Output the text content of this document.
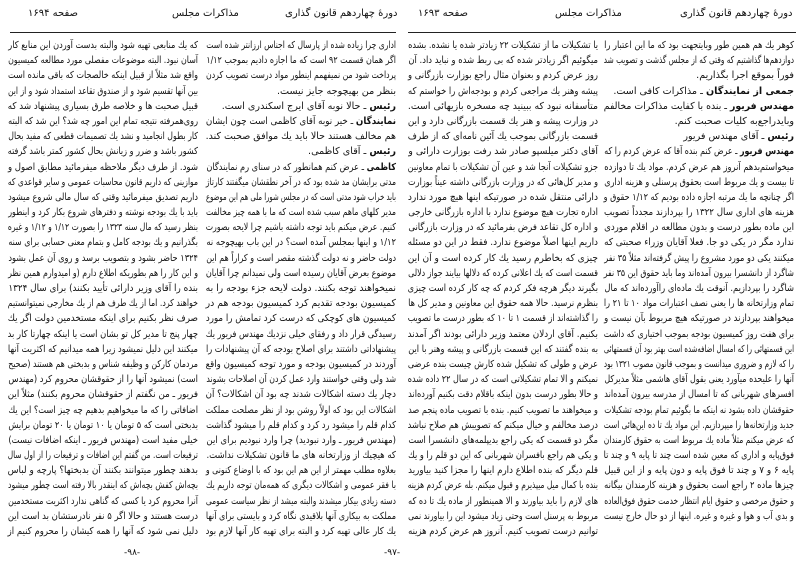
صفحه ۱۶۹۴	مذاکرات مجلس	دورهٔ چهاردهم قانون گذاری صفحه ۱۶۹۳	مذاکرات مجلس	دورهٔ چهاردهم قانون گذاری
که یك منابعی تهیه شود والبته بدست آوردن این منابع کار
آسان نبود. البته موضوعات مفصلی مورد مطالعه کمیسیون
واقع شد مثلاً از قبیل اینکه خالصجات که باقی مانده است
بین آنها تقسیم شود و از صندوق تقاعد استمداد شود و از این
قبیل صحبت ها و خلاصه طرق بسیاری پیشنهاد شد که
روی‌همرفته نتیجه تمام این امور چه شد؟ این شد که البته
کار بطول انجامید و نشد یك تصمیمات قطعی که مفید بحال
کشور باشد و ضرر و زیانش بحال کشور کمتر باشد گرفته
شود. از طرف دیگر ملاحظه میفرمائید مطابق اصول و
موازینی که داریم قانون محاسبات عمومی و سایر قواعدی که
داریم تصدیق میفرمائید وقتی که سال مالی شروع میشود
باید با یك بودجه نوشته و دفترهای شروع بکار کرد و اینطور
بنظر رسید که مال سنه ۱۳۲۳ را بصورت ۱/۱۲ و ۱/۱۲ و غیره
بگذرانیم و یك بودجه کامل و بتمام معنی حسابی برای سنه
۱۳۲۴ حاضر بشود و بتصویب برسد و روی آن عمل بشود
و این کار را هم بطوریکه اطلاع دارم (و امیدوارم همین نظر
بنده را آقای وزیر دارائی تأیید بکنند) برای سال ۱۳۲۴
خواهند کرد. اما از یك طرف هم از یك مخارجی نمیتوانستیم
صرف نظر بکنیم برای اینکه مستخدمین دولت اگر یك
چهار پنج تا مدیر کل تو بشان است یا اینکه چهارتا کار بد
میکنند این دلیل نمیشود زیرا همه میدانیم که اکثریت آنها
مردمان کارکن و وظیفه شناس و بدبختی هم هستند (صحیح
است) نمیشود آنها را از حقوقشان محروم کرد (مهندس
فریور ـ من نگفتم از حقوقشان محروم بکنند) مثلاً این
اضافاتی را که ما میخواهیم بدهیم چه چیز است؟ این یك
بدبختی است که ۵ تومان یا ۱۰ تومان یا ۲۰ تومان برایش
خیلی مفید است (مهندس فریور ـ اینکه اضافات نیست)
ترفیعات است. من گفتم این اضافات و ترفیعات را از اول سال
بدهند چطور میتوانند بکنند آن بدبختها؟ پارچه و لباس
بچه‌اش کفش بچه‌اش که اینقدر بالا رفته است چطور میشود
آنرا محروم کرد یا کسی که گناهی ندارد اکثریت مستخدمین
درست هستند و حالا اگر ۵ نفر نادرستشان بد است این
دلیل نمی شود که آنها را همه کیشان را محروم کنیم از
اداری چرا زیاده شده از پارسال که اجناس ارزانتر شده است
اگر همان قسمت ۹۲ است که ما اجازه دادیم بموجب ۱/۱۲
پرداخت شود من نمیفهمم اینطور مواد درست تصویب کردن
بنظر من بهیچوجه جایز نیست.
رئیس ـ حالا نوبه آقای ایرج اسکندری است.
نمایندگان ـ خیر نوبه آقای کاظمی است چون ایشان
هم مخالف هستند حالا باید یك موافق صحبت کند.
رئیس ـ آقای کاظمی.
کاظمی ـ عرض کنم همانطور که در سنای رم نمایندگان
مدتی برایشان مد شده بود که در آخر نطقشان میگفتند کارتاژ
باید خراب شود مدتی است که در مجلس شورا ملی هم این موضوع
مدیر کلهای ماهم سبب شده است که ما با همه چیز مخالفت
کنیم. عرض میکنم باید توجه داشته باشیم چرا لایحه بصورت
۱/۱۲ و اینها بمجلس آمده است؟ در این باب بهیچوجه نه
دولت حاضر و نه دولت گذشته مقصر است و کراراً هم این
موضوع بعرض آقایان رسیده است ولی نمیدانم چرا آقایان
نمیخواهند توجه بکنند. دولت لایحه جزء بودجه را به
کمیسیون بودجه تقدیم کرد کمیسیون بودجه هم در
کمیسیون های کوچکی که درست کرد تمامش را مورد
رسیدگی قرار داد و رفقای خیلی نزدیك مهندس فریور یك
پیشنهاداتی داشتند برای اصلاح بودجه که آن پیشنهادات را
آوردند در کمیسیون بودجه و مورد توجه کمیسیون واقع
شد ولی وقتی خواستند وارد عمل کردن آن اصلاحات بشوند
دچار یك دسته اشکالات شدند چه بود آن اشکالات؟ آن
اشکالات این بود که اولاً روشن بود از نظر مصلحت مملکت
کدام قلم را میشود رد کرد و کدام قلم را میشود گذاشت
(مهندس فریور ـ وارد نبودید) چرا وارد نبودیم برای این
که هیچیك از وزارتخانه های ما قانون تشکیلات نداشت.
بعلاوه مطلب مهمتر از این هم این بود که با اوضاع کنونی و
با فقر عمومی و اشکالات دیگری که همه‌مان توجه داریم یك
دسته زیادی بیکار میشدند والبته میشد از نظر سیاست عمومی
مملکت به بیکاری آنها بلاقیدی نگاه کرد و بایستی برای آنها
یك کار عالی تهیه کرد و البته برای تهیه کار آنها لازم بود
یا تشکیلات ما از تشکیلات ۲۲ زیادتر شده یا نشده. بشده
میگوئیم اگر زیادتر شده که بی ربط شده و نباید داد. آن
روز عرض کردم و بعنوان مثال راجع بوزارت بازرگانی و
پیشه وهنر یك مراجعی کردم و بودجه‌اش را خواستم که
متأسفانه نبود که ببینید چه مسخره بازیهائی است.
در وزارت پیشه و هنر یك قسمت بازرگانی دارد و این
قسمت بازرگانی بموجب یك آئین نامه‌ای که از طرف
آقای دکتر میلسپو صادر شد رفت بوزارت دارائی و
جزو تشکیلات آنجا شد و عین آن تشکیلات با تمام معاونین
و مدیر کل‌هائی که در وزارت بازرگانی داشته عیناً بوزارت
دارائی منتقل شده در صورتیکه اینها هیچ مورد ندارد
اداره تجارت هیچ موضوع ندارد با اداره بازرگانی خارجی
و اداره کل تقاعد فرض بفرمائید که در وزارت بازرگانی
داریم اینها اصلاً موضوع ندارد. فقط در این دو مسئله
چیزی که بخاطرم رسید یك کار کرده است و آن این
قسمت است که یك اعلانی کرده که دلالها بیایند جواز دلالی
بگیرند دیگر هرچه فکر کردم که چه کار کرده است چیزی
بنظرم نرسید. حالا همه حقوق این معاونین و مدیر کل ها
را گذاشته‌اند از قسمت ۱ تا ۱۰ که بطور درست ما تصویب
بکنیم. آقای اردلان معتمد وزیر دارائی بودند اگر آمدند
به بنده گفتند که این قسمت بازرگانی و پیشه وهنر با این
عرض و طولی که تشکیل شده کارش چیست بنده عرضی
نمیکنم و الا تمام تشکیلاتی است که در سال ۲۲ داده شده
و حالا بطور درست بدون اینکه باقلام دقت بکنیم آورده‌اند
و میخواهند ما تصویب کنیم. بنده با تصویب ماده پنجم صد
درصد مخالفم و خیال میکنم که تصویبش هم صلاح نباشد
مگر دو قسمت که یکی راجع بدیپلمه‌های دانشسرا است
و یکی هم راجع بافسران شهربانی که این دو قلم را و یك
قلم دیگر که بنده اطلاع دارم اینها را مجزا کنید بیاورید
بنده با کمال میل میپذیرم و قبول میکنم. بله عرض کردم هزینه
های لازم را باید بیاورند و الا همینطور از ماده یك تا ده که
مربوط به پرسنل است وحتی زیاد میشود این را بیاورند نمی
توانیم درست تصویب کنیم. آنروز هم عرض کردم هزینه
کوهر یك هم همین طور وبایتجهت بود که ما این اعتبار را
دوازدهم‌ها گذاشتیم که وقتی که از مجلس گذشت و تصویب شد
فوراً بموقع اجرا بگذاریم.
جمعی از نمایندگان ـ مذاکرات کافی است.
مهندس فریور ـ بنده با کفایت مذاکرات مخالفم
وبایدراجع‌به کلیات صحبت کنم.
رئیس ـ آقای مهندس فریور
مهندس فریور ـ عرض کنم بنده آقا که عرض کردم را که
میخواستم‌بدهم آنروز هم عرض کردم. مواد یك تا دوازده
تا بیست و یك مربوط است بحقوق پرسنلی و هزینه اداری
اگر چنانچه ما یك مرتبه اجازه داده بودیم که ۱/۱۲ حقوق و
هزینه های اداری سال ۱۳۲۲ را بپردازند مجدداً تصویب
این ماده بطور درست و بدون مطالعه در اقلام موردی
ندارد مگر در یکی دو جا. فعلا آقایان وزراء صحبتی که
میکنند یکی دو مورد مشروع را پیش گرفته‌اند مثلاً ۳۵ نفر
شاگرد از دانشسرا بیرون آمده‌اند وما باید حقوق این ۳۵ نفر
شاگرد را بپردازیم. آنوقت یك ماده‌ای راآورده‌اند که مال
تمام وزارتخانه ها را یعنی نصف اعتبارات مواد ۱۰ تا ۲۱ را
میخواهند بپردازند در صورتیکه هیچ مربوط بآن نیست و
برای هفت روز کمیسیون بودجه بموجب اختیاری که داشت
این قسمتهائی را که امسال اضافه‌شده است بهتر بود آن قسمتهائی
را که لازم و ضروری میدانست و بموجب قانون مصوب ۱۳۲۱ بود
آنها را علیحده میآورد یعنی بقول آقای هاشمی مثلاً مدیرکل
افسرهای شهربانی که تا امسال از مدرسه بیرون آمده‌اند
حقوقشان داده بشود نه اینکه ما بگوئیم تمام بودجه تشکیلات
جدید وزارتخانه‌ها را میپردازیم. این مواد یك تا ده این‌هائی است
که عرض میکنم مثلاً ماده یك مربوط است به حقوق کارمندان
فوق‌پایه و اداری که معین شده است چند تا پایه ۹ و چند تا
پایه ۶ و ۷ و چند تا فوق پایه و دون پایه و از این قبیل
چیزها ماده ۲ راجع است بحقوق و هزینه کارمندان بیگانه
و حقوق مرخصی و حقوق ایام انتظار خدمت حقوق فوق‌العاده
و بدی آب و هوا و غیره و غیره. اینها از دو حال خارج نیست
-۹۸-	-۹۷-
